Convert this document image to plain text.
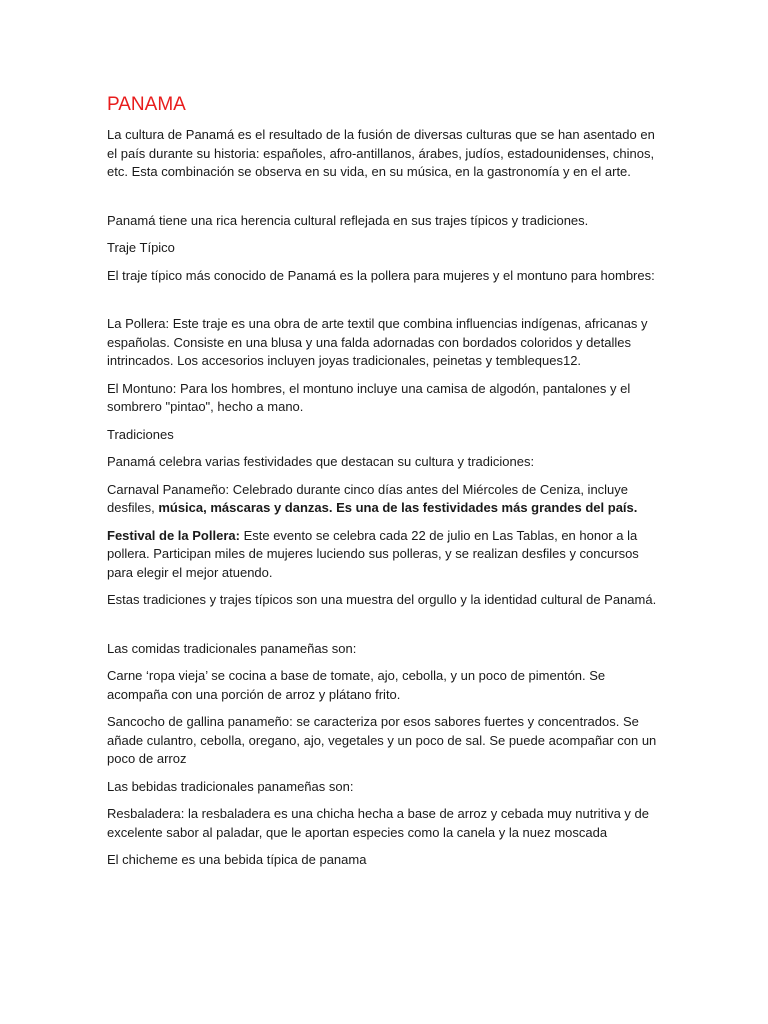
PANAMA

La cultura de Panamá es el resultado de la fusión de diversas culturas que se han asentado en el país durante su historia: españoles, afro-antillanos, árabes, judíos, estadounidenses, chinos, etc. Esta combinación se observa en su vida, en su música, en la gastronomía y en el arte.

Panamá tiene una rica herencia cultural reflejada en sus trajes típicos y tradiciones.

Traje Típico

El traje típico más conocido de Panamá es la pollera para mujeres y el montuno para hombres:

La Pollera: Este traje es una obra de arte textil que combina influencias indígenas, africanas y españolas. Consiste en una blusa y una falda adornadas con bordados coloridos y detalles intrincados. Los accesorios incluyen joyas tradicionales, peinetas y tembleques12.

El Montuno: Para los hombres, el montuno incluye una camisa de algodón, pantalones y el sombrero "pintao", hecho a mano.

Tradiciones

Panamá celebra varias festividades que destacan su cultura y tradiciones:

Carnaval Panameño: Celebrado durante cinco días antes del Miércoles de Ceniza, incluye desfiles, música, máscaras y danzas. Es una de las festividades más grandes del país.

Festival de la Pollera: Este evento se celebra cada 22 de julio en Las Tablas, en honor a la pollera. Participan miles de mujeres luciendo sus polleras, y se realizan desfiles y concursos para elegir el mejor atuendo.

Estas tradiciones y trajes típicos son una muestra del orgullo y la identidad cultural de Panamá.

Las comidas tradicionales panameñas son:

Carne ‘ropa vieja’ se cocina a base de tomate, ajo, cebolla, y un poco de pimentón. Se acompaña con una porción de arroz y plátano frito.

Sancocho de gallina panameño: se caracteriza por esos sabores fuertes y concentrados. Se añade culantro, cebolla, oregano, ajo, vegetales y un poco de sal. Se puede acompañar con un poco de arroz

Las bebidas tradicionales panameñas son:

Resbaladera: la resbaladera es una chicha hecha a base de arroz y cebada muy nutritiva y de excelente sabor al paladar, que le aportan especies como la canela y la nuez moscada

El chicheme es una bebida típica de panama
